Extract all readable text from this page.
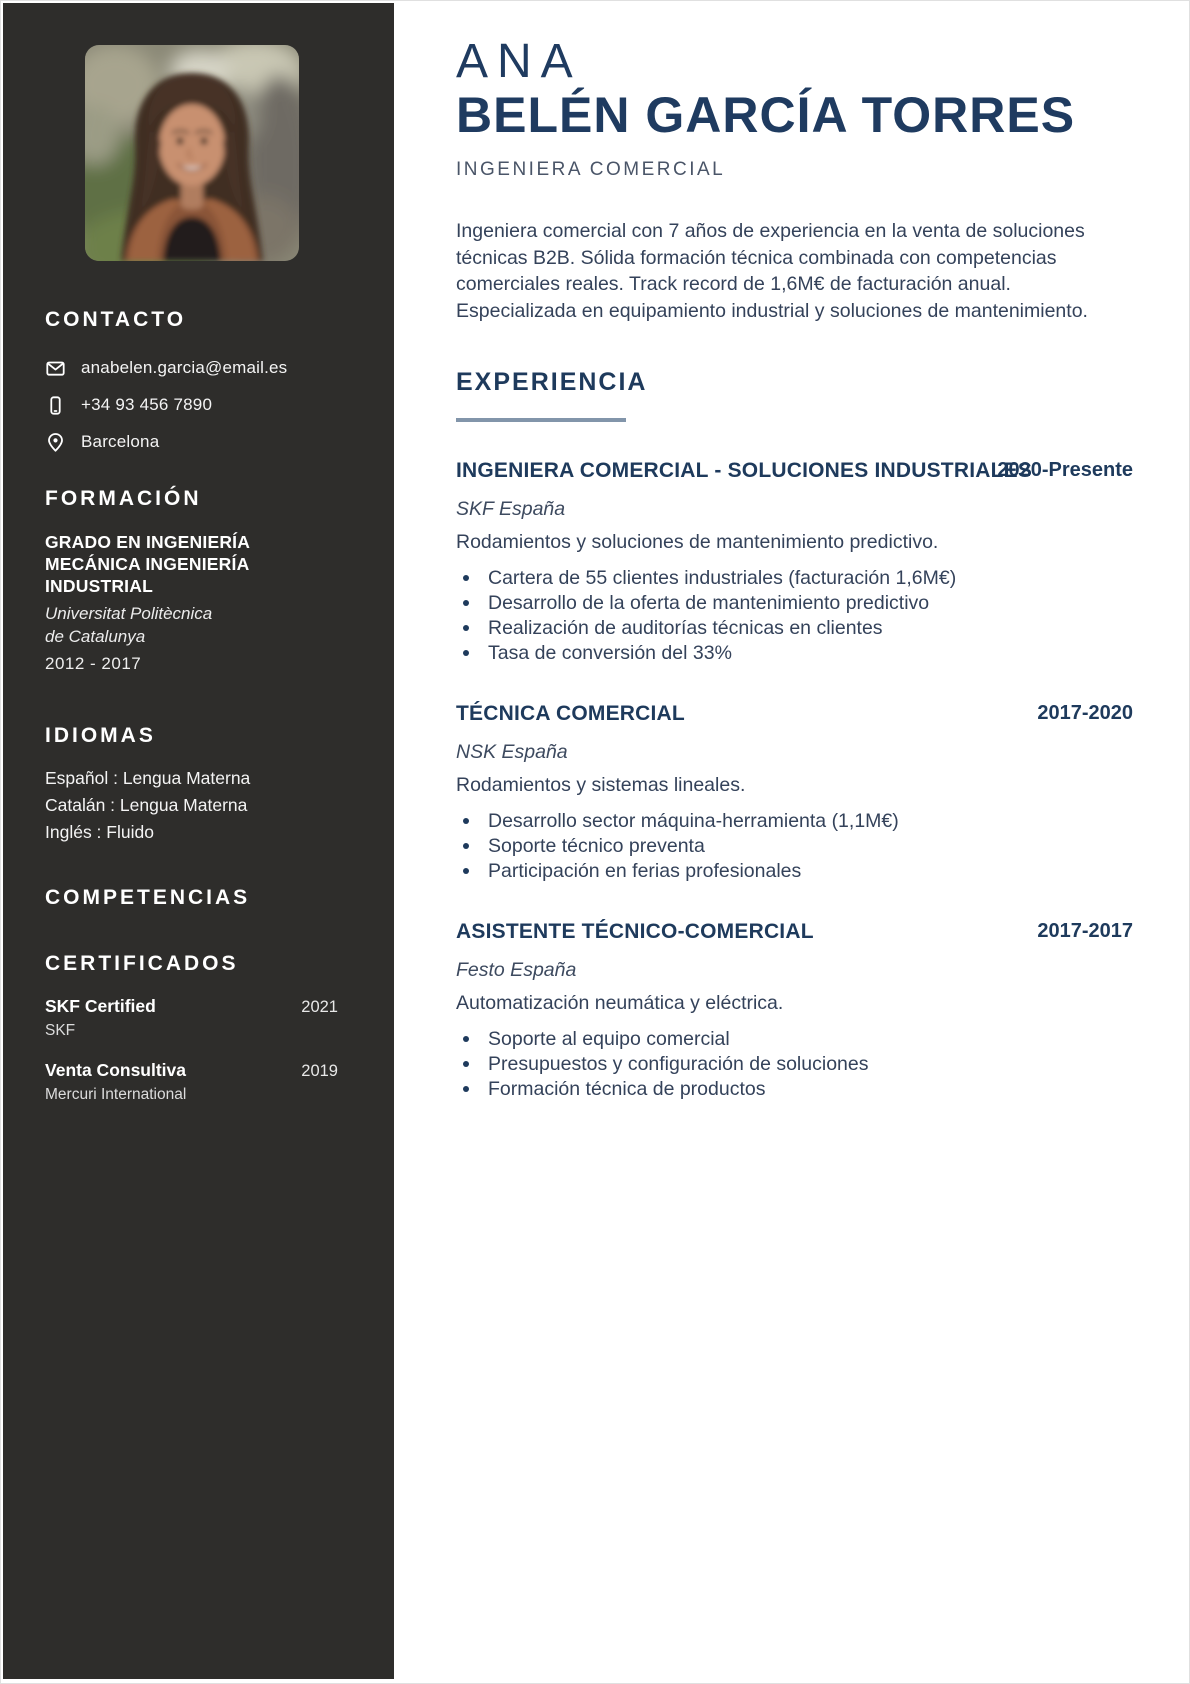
CONTACTO
anabelen.garcia@email.es
+34 93 456 7890
Barcelona
FORMACIÓN
GRADO EN INGENIERÍA MECÁNICA INGENIERÍA INDUSTRIAL
Universitat Politècnica
de Catalunya
2012 - 2017
IDIOMAS
Español : Lengua Materna
Catalán : Lengua Materna
Inglés : Fluido
COMPETENCIAS
CERTIFICADOS
SKF Certified	2021
SKF
Venta Consultiva	2019
Mercuri International
ANA
BELÉN GARCÍA TORRES
INGENIERA COMERCIAL

Ingeniera comercial con 7 años de experiencia en la venta de soluciones técnicas B2B. Sólida formación técnica combinada con competencias comerciales reales. Track record de 1,6M€ de facturación anual. Especializada en equipamiento industrial y soluciones de mantenimiento.

EXPERIENCIA
INGENIERA COMERCIAL - SOLUCIONES INDUSTRIALES
2020-Presente
SKF España
Rodamientos y soluciones de mantenimiento predictivo.
Cartera de 55 clientes industriales (facturación 1,6M€)
Desarrollo de la oferta de mantenimiento predictivo
Realización de auditorías técnicas en clientes
Tasa de conversión del 33%
TÉCNICA COMERCIAL	2017-2020
NSK España
Rodamientos y sistemas lineales.
Desarrollo sector máquina-herramienta (1,1M€)
Soporte técnico preventa
Participación en ferias profesionales
ASISTENTE TÉCNICO-COMERCIAL	2017-2017
Festo España
Automatización neumática y eléctrica.
Soporte al equipo comercial
Presupuestos y configuración de soluciones
Formación técnica de productos
